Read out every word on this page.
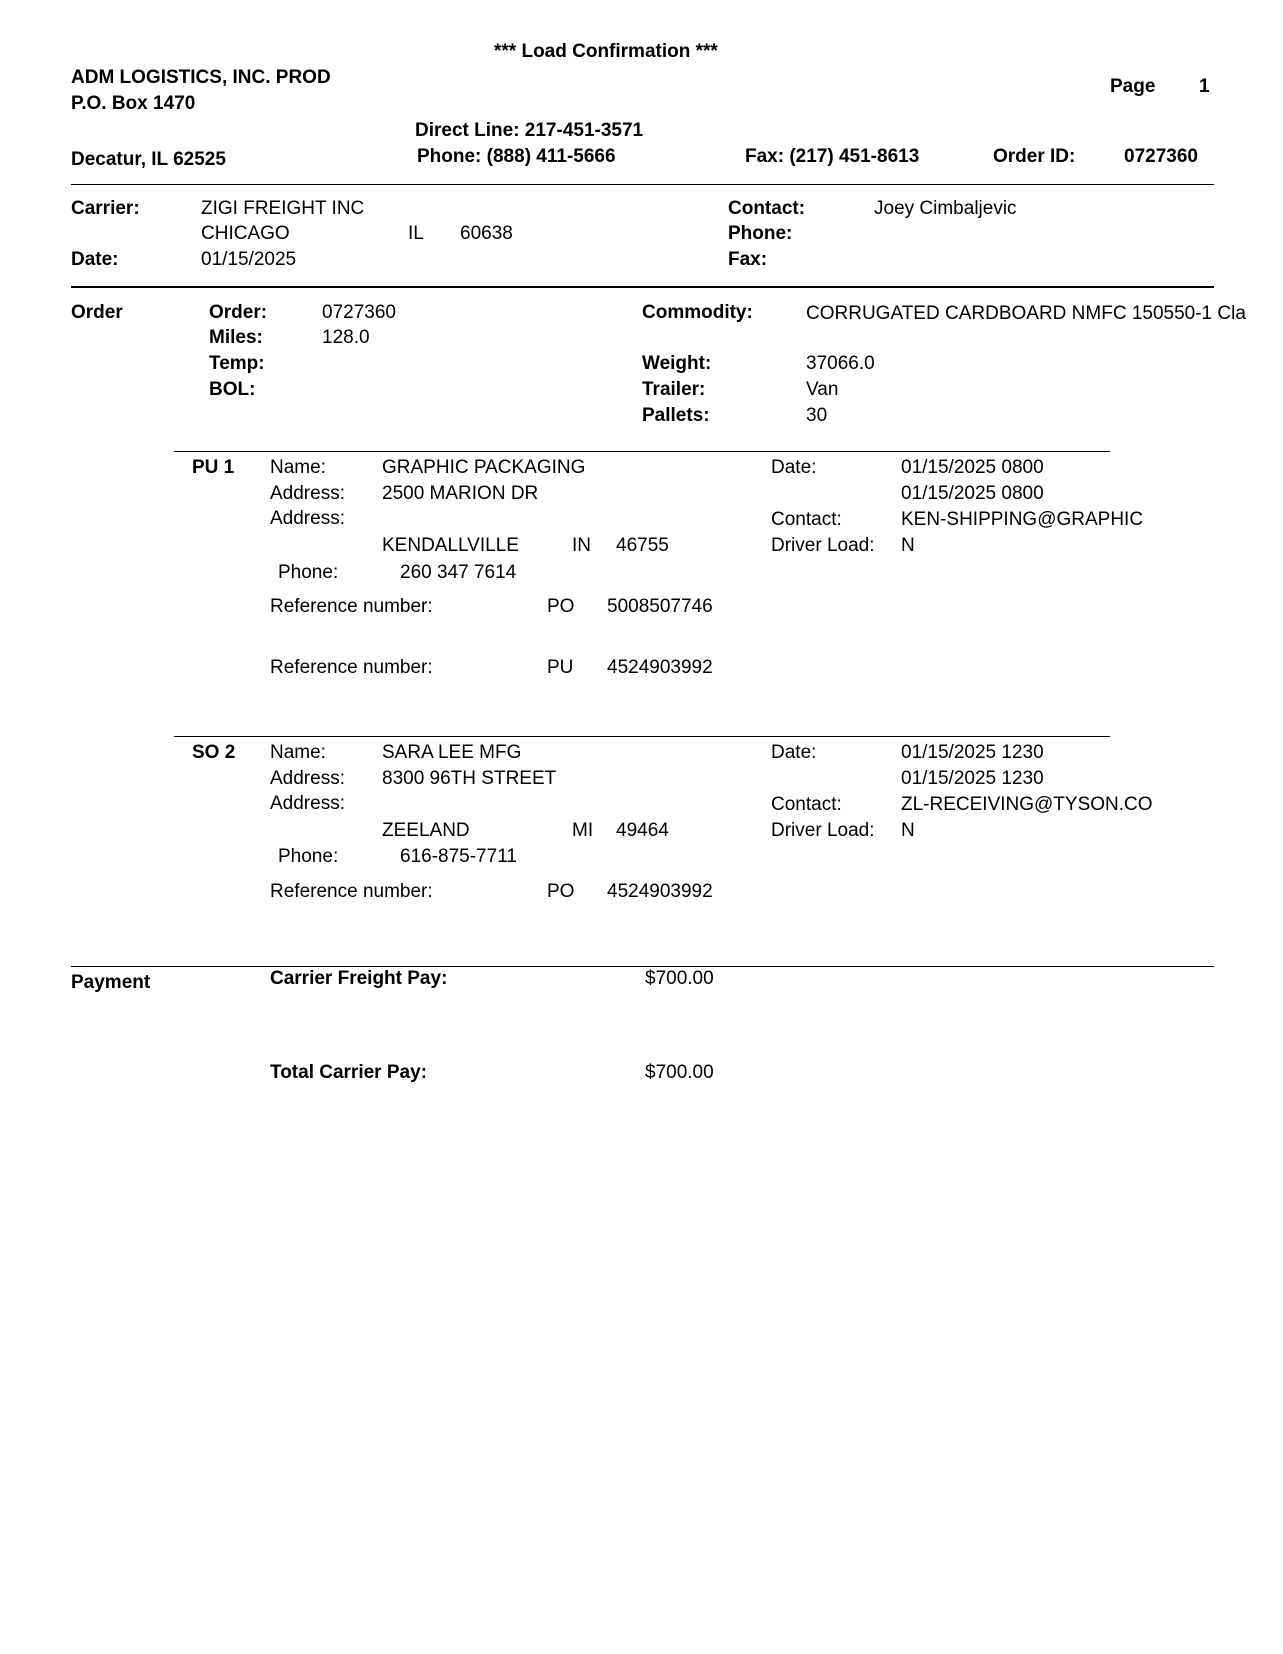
*** Load Confirmation ***
ADM LOGISTICS, INC. PROD
P.O. Box 1470
Page 1
Direct Line: 217-451-3571
Decatur, IL 62525	Phone: (888) 411-5666	Fax: (217) 451-8613	Order ID:	0727360
Carrier:	ZIGI FREIGHT INC
CHICAGO	IL 60638
Date:	01/15/2025
Contact:	Joey Cimbaljevic
Phone:
Fax:
Order	Order:	0727360
Miles:	128.0
Temp:
BOL:
Commodity:	CORRUGATED CARDBOARD NMFC 150550-1 Cla
Weight:	37066.0
Trailer:	Van
Pallets:	30
PU 1 Name:	GRAPHIC PACKAGING
Address: 2500 MARION DR
Address:
KENDALLVILLE	IN 46755
Phone:	260 347 7614
Date:	01/15/2025 0800
01/15/2025 0800
Contact:	KEN-SHIPPING@GRAPHIC
Driver Load: N
Reference number:	PO 5008507746
Reference number:	PU 4524903992
SO 2 Name:	SARA LEE MFG
Address: 8300 96TH STREET
Address:
ZEELAND	MI 49464
Phone:	616-875-7711
Date:	01/15/2025 1230
01/15/2025 1230
Contact:	ZL-RECEIVING@TYSON.CO
Driver Load: N
Reference number:	PO 4524903992
Payment	Carrier Freight Pay:	$700.00
Total Carrier Pay:	$700.00
